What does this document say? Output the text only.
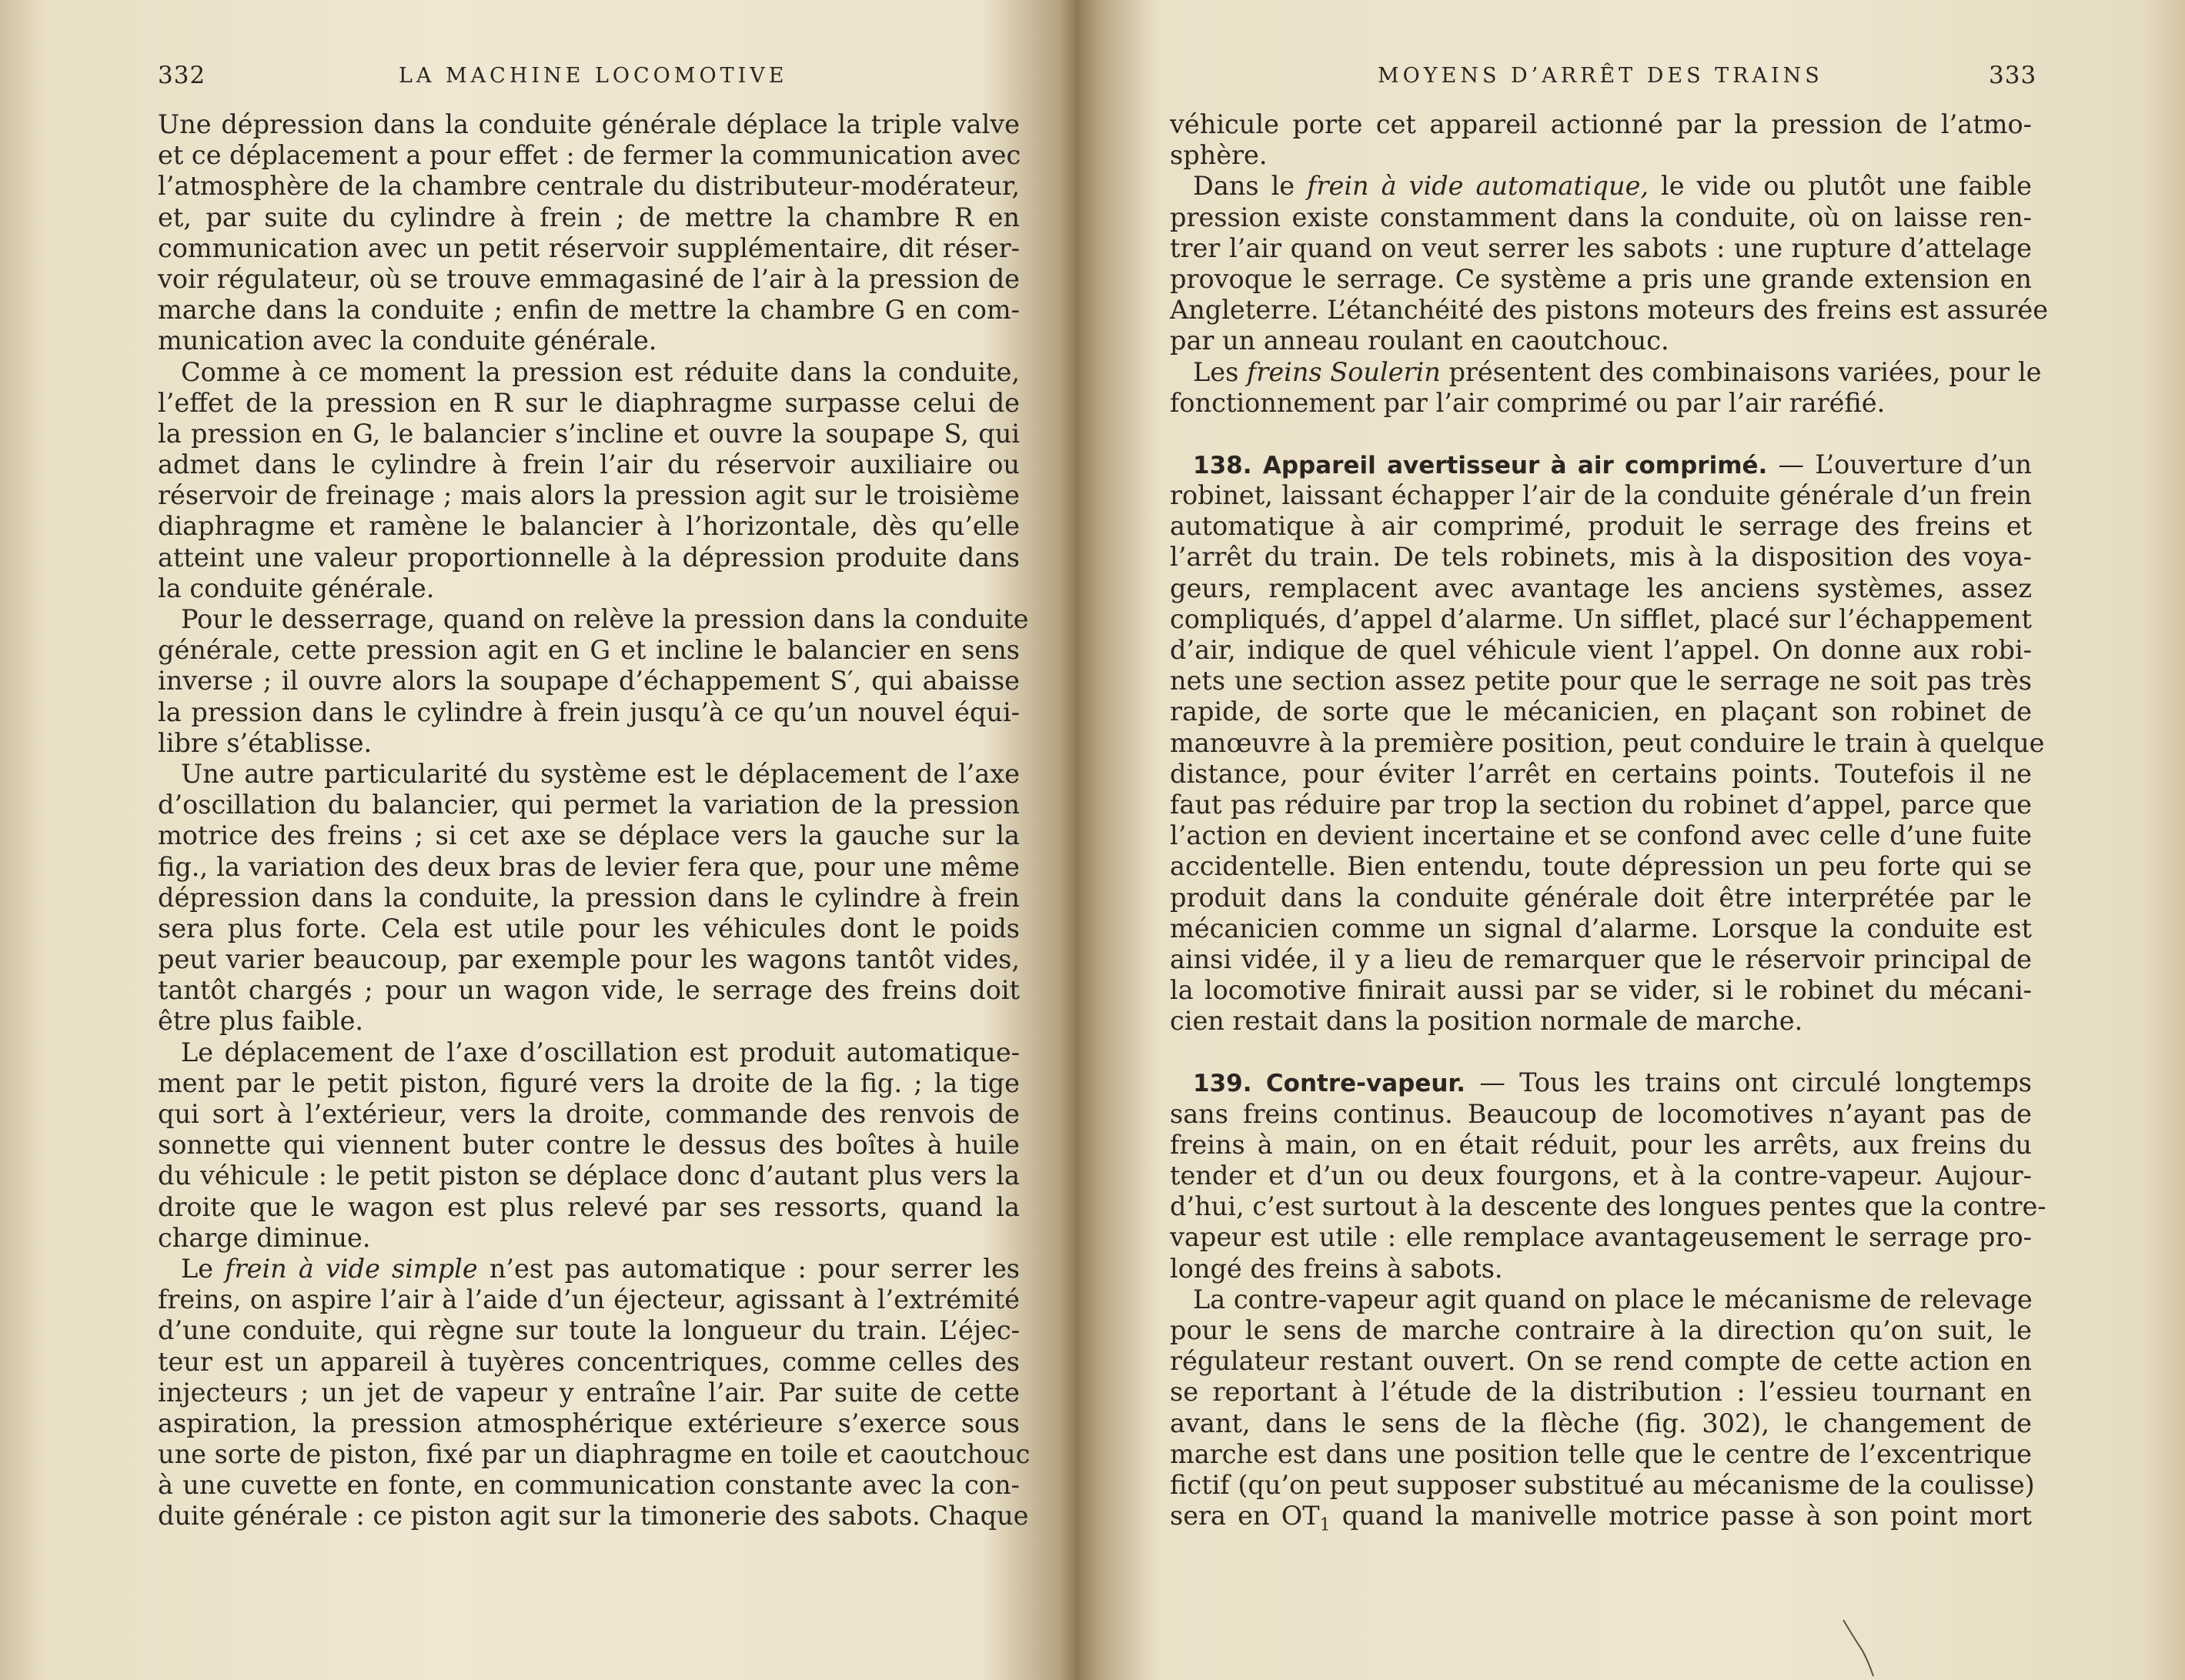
332	LA MACHINE LOCOMOTIVE
Une dépression dans la conduite générale déplace la triple valve
et ce déplacement a pour effet : de fermer la communication avec
l’atmosphère de la chambre centrale du distributeur-modérateur,
et, par suite du cylindre à frein ; de mettre la chambre R en
communication avec un petit réservoir supplémentaire, dit réser-
voir régulateur, où se trouve emmagasiné de l’air à la pression de
marche dans la conduite ; enfin de mettre la chambre G en com-
munication avec la conduite générale.
Comme à ce moment la pression est réduite dans la conduite,
l’effet de la pression en R sur le diaphragme surpasse celui de
la pression en G, le balancier s’incline et ouvre la soupape S, qui
admet dans le cylindre à frein l’air du réservoir auxiliaire ou
réservoir de freinage ; mais alors la pression agit sur le troisième
diaphragme et ramène le balancier à l’horizontale, dès qu’elle
atteint une valeur proportionnelle à la dépression produite dans
la conduite générale.
Pour le desserrage, quand on relève la pression dans la conduite
générale, cette pression agit en G et incline le balancier en sens
inverse ; il ouvre alors la soupape d’échappement S′, qui abaisse
la pression dans le cylindre à frein jusqu’à ce qu’un nouvel équi-
libre s’établisse.
Une autre particularité du système est le déplacement de l’axe
d’oscillation du balancier, qui permet la variation de la pression
motrice des freins ; si cet axe se déplace vers la gauche sur la
fig., la variation des deux bras de levier fera que, pour une même
dépression dans la conduite, la pression dans le cylindre à frein
sera plus forte. Cela est utile pour les véhicules dont le poids
peut varier beaucoup, par exemple pour les wagons tantôt vides,
tantôt chargés ; pour un wagon vide, le serrage des freins doit
être plus faible.
Le déplacement de l’axe d’oscillation est produit automatique-
ment par le petit piston, figuré vers la droite de la fig. ; la tige
qui sort à l’extérieur, vers la droite, commande des renvois de
sonnette qui viennent buter contre le dessus des boîtes à huile
du véhicule : le petit piston se déplace donc d’autant plus vers la
droite que le wagon est plus relevé par ses ressorts, quand la
charge diminue.
Le frein à vide simple n’est pas automatique : pour serrer les
freins, on aspire l’air à l’aide d’un éjecteur, agissant à l’extrémité
d’une conduite, qui règne sur toute la longueur du train. L’éjec-
teur est un appareil à tuyères concentriques, comme celles des
injecteurs ; un jet de vapeur y entraîne l’air. Par suite de cette
aspiration, la pression atmosphérique extérieure s’exerce sous
une sorte de piston, fixé par un diaphragme en toile et caoutchouc
à une cuvette en fonte, en communication constante avec la con-
duite générale : ce piston agit sur la timonerie des sabots. Chaque
MOYENS D’ARRÊT DES TRAINS	333
véhicule porte cet appareil actionné par la pression de l’atmo-
sphère.
Dans le frein à vide automatique, le vide ou plutôt une faible
pression existe constamment dans la conduite, où on laisse ren-
trer l’air quand on veut serrer les sabots : une rupture d’attelage
provoque le serrage. Ce système a pris une grande extension en
Angleterre. L’étanchéité des pistons moteurs des freins est assurée
par un anneau roulant en caoutchouc.
Les freins Soulerin présentent des combinaisons variées, pour le
fonctionnement par l’air comprimé ou par l’air raréfié.
138. Appareil avertisseur à air comprimé. — L’ouverture d’un
robinet, laissant échapper l’air de la conduite générale d’un frein
automatique à air comprimé, produit le serrage des freins et
l’arrêt du train. De tels robinets, mis à la disposition des voya-
geurs, remplacent avec avantage les anciens systèmes, assez
compliqués, d’appel d’alarme. Un sifflet, placé sur l’échappement
d’air, indique de quel véhicule vient l’appel. On donne aux robi-
nets une section assez petite pour que le serrage ne soit pas très
rapide, de sorte que le mécanicien, en plaçant son robinet de
manœuvre à la première position, peut conduire le train à quelque
distance, pour éviter l’arrêt en certains points. Toutefois il ne
faut pas réduire par trop la section du robinet d’appel, parce que
l’action en devient incertaine et se confond avec celle d’une fuite
accidentelle. Bien entendu, toute dépression un peu forte qui se
produit dans la conduite générale doit être interprétée par le
mécanicien comme un signal d’alarme. Lorsque la conduite est
ainsi vidée, il y a lieu de remarquer que le réservoir principal de
la locomotive finirait aussi par se vider, si le robinet du mécani-
cien restait dans la position normale de marche.
139. Contre-vapeur. — Tous les trains ont circulé longtemps
sans freins continus. Beaucoup de locomotives n’ayant pas de
freins à main, on en était réduit, pour les arrêts, aux freins du
tender et d’un ou deux fourgons, et à la contre-vapeur. Aujour-
d’hui, c’est surtout à la descente des longues pentes que la contre-
vapeur est utile : elle remplace avantageusement le serrage pro-
longé des freins à sabots.
La contre-vapeur agit quand on place le mécanisme de relevage
pour le sens de marche contraire à la direction qu’on suit, le
régulateur restant ouvert. On se rend compte de cette action en
se reportant à l’étude de la distribution : l’essieu tournant en
avant, dans le sens de la flèche (fig. 302), le changement de
marche est dans une position telle que le centre de l’excentrique
fictif (qu’on peut supposer substitué au mécanisme de la coulisse)
sera en $OT_1$ quand la manivelle motrice passe à son point mort
